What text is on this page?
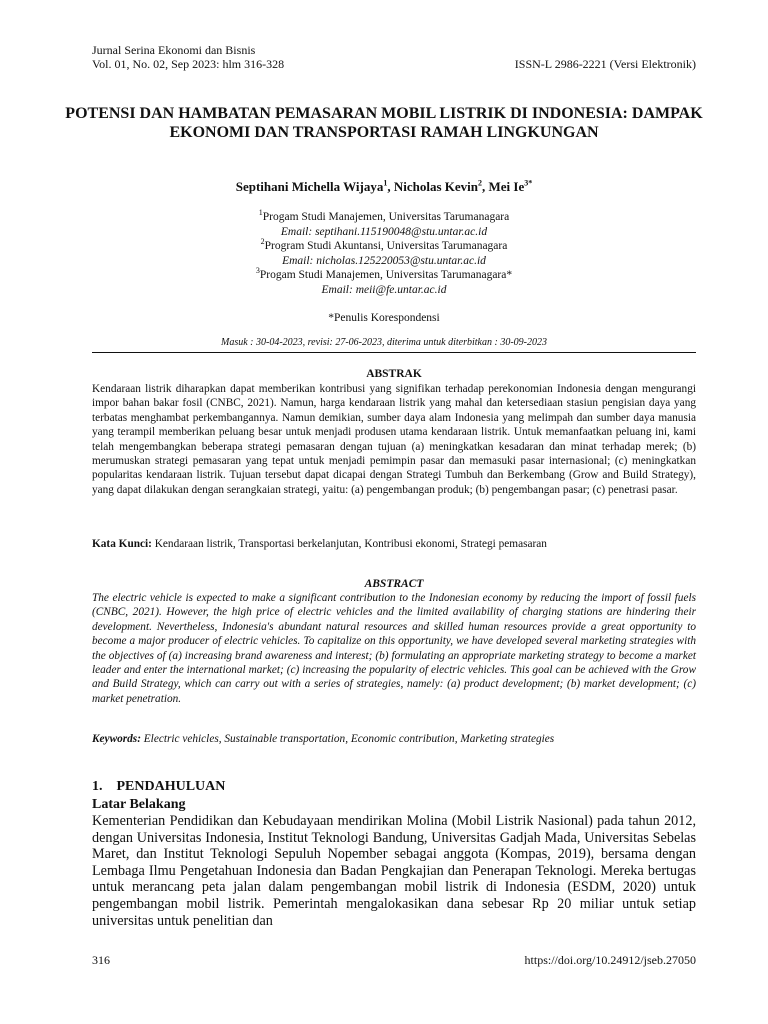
Jurnal Serina Ekonomi dan Bisnis
Vol. 01, No. 02, Sep 2023: hlm 316-328	ISSN-L 2986-2221 (Versi Elektronik)
POTENSI DAN HAMBATAN PEMASARAN MOBIL LISTRIK DI INDONESIA: DAMPAK EKONOMI DAN TRANSPORTASI RAMAH LINGKUNGAN
Septihani Michella Wijaya$^1$, Nicholas Kevin$^2$, Mei $Ie^{3*}$
$^1$Progam Studi Manajemen, Universitas Tarumanagara
Email: septihani.115190048@stu.untar.ac.id
$^2$Program Studi Akuntansi, Universitas Tarumanagara
Email: nicholas.125220053@stu.untar.ac.id
$^3$Progam Studi Manajemen, Universitas Tarumanagara*
Email: meii@fe.untar.ac.id
*Penulis Korespondensi
Masuk : 30-04-2023, revisi: 27-06-2023, diterima untuk diterbitkan : 30-09-2023
ABSTRAK
Kendaraan listrik diharapkan dapat memberikan kontribusi yang signifikan terhadap perekonomian Indonesia dengan mengurangi impor bahan bakar fosil (CNBC, 2021). Namun, harga kendaraan listrik yang mahal dan ketersediaan stasiun pengisian daya yang terbatas menghambat perkembangannya. Namun demikian, sumber daya alam Indonesia yang melimpah dan sumber daya manusia yang terampil memberikan peluang besar untuk menjadi produsen utama kendaraan listrik. Untuk memanfaatkan peluang ini, kami telah mengembangkan beberapa strategi pemasaran dengan tujuan (a) meningkatkan kesadaran dan minat terhadap merek; (b) merumuskan strategi pemasaran yang tepat untuk menjadi pemimpin pasar dan memasuki pasar internasional; (c) meningkatkan popularitas kendaraan listrik. Tujuan tersebut dapat dicapai dengan Strategi Tumbuh dan Berkembang (Grow and Build Strategy), yang dapat dilakukan dengan serangkaian strategi, yaitu: (a) pengembangan produk; (b) pengembangan pasar; (c) penetrasi pasar.
Kata Kunci: Kendaraan listrik, Transportasi berkelanjutan, Kontribusi ekonomi, Strategi pemasaran
ABSTRACT
The electric vehicle is expected to make a significant contribution to the Indonesian economy by reducing the import of fossil fuels (CNBC, 2021). However, the high price of electric vehicles and the limited availability of charging stations are hindering their development. Nevertheless, Indonesia's abundant natural resources and skilled human resources provide a great opportunity to become a major producer of electric vehicles. To capitalize on this opportunity, we have developed several marketing strategies with the objectives of (a) increasing brand awareness and interest; (b) formulating an appropriate marketing strategy to become a market leader and enter the international market; (c) increasing the popularity of electric vehicles. This goal can be achieved with the Grow and Build Strategy, which can carry out with a series of strategies, namely: (a) product development; (b) market development; (c) market penetration.
Keywords: Electric vehicles, Sustainable transportation, Economic contribution, Marketing strategies
1.    PENDAHULUAN
Latar Belakang
Kementerian Pendidikan dan Kebudayaan mendirikan Molina (Mobil Listrik Nasional) pada tahun 2012, dengan Universitas Indonesia, Institut Teknologi Bandung, Universitas Gadjah Mada, Universitas Sebelas Maret, dan Institut Teknologi Sepuluh Nopember sebagai anggota (Kompas, 2019), bersama dengan Lembaga Ilmu Pengetahuan Indonesia dan Badan Pengkajian dan Penerapan Teknologi. Mereka bertugas untuk merancang peta jalan dalam pengembangan mobil listrik di Indonesia (ESDM, 2020) untuk pengembangan mobil listrik. Pemerintah mengalokasikan dana sebesar Rp 20 miliar untuk setiap universitas untuk penelitian dan
316	https://doi.org/10.24912/jseb.27050
